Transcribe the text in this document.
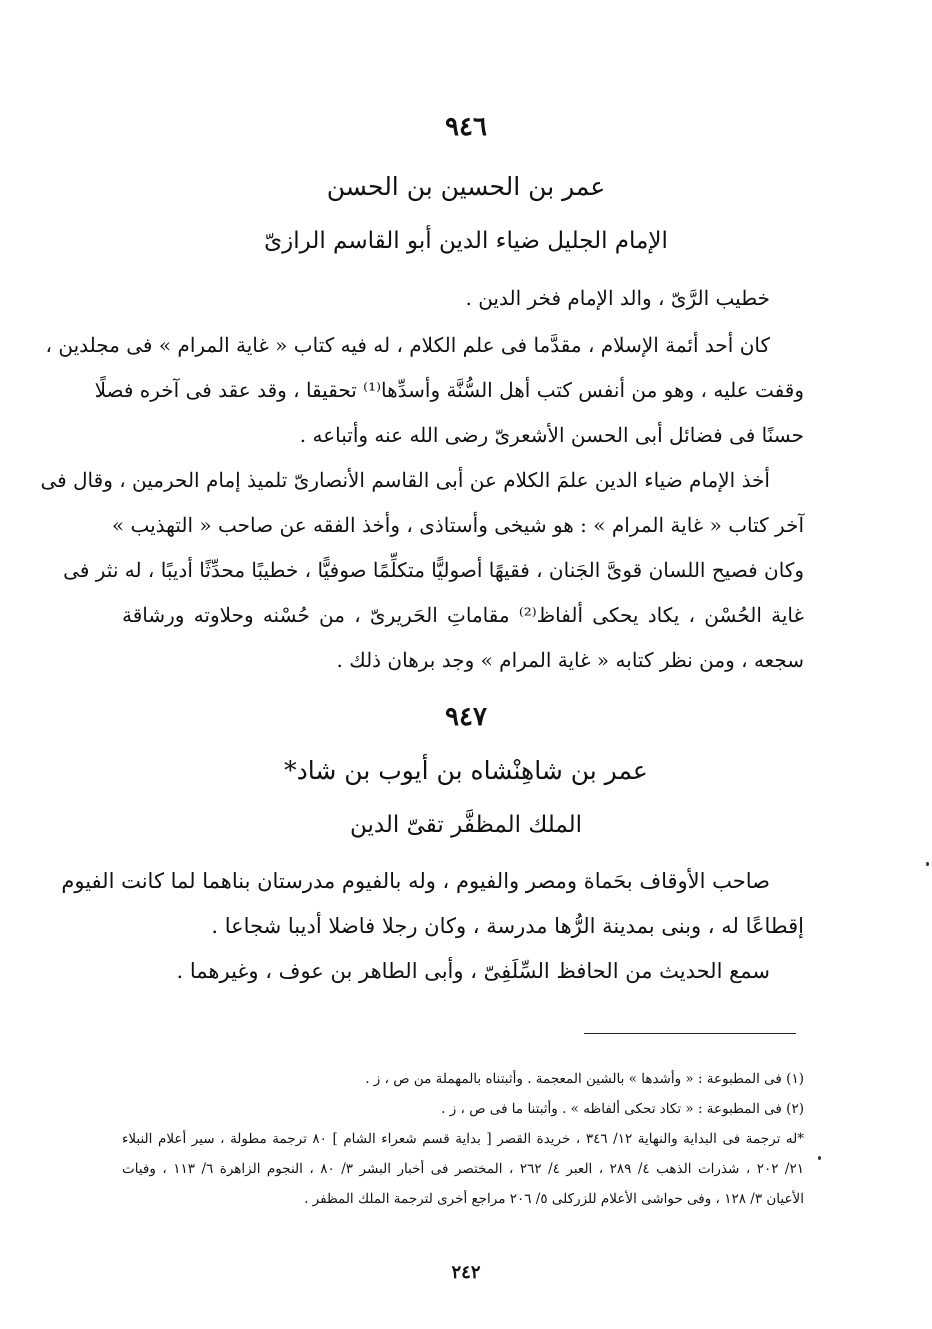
٩٤٦
عمر بن الحسين بن الحسن
الإمام الجليل ضياء الدين أبو القاسم الرازىّ
خطيب الرَّىّ ، والد الإمام فخر الدين .
كان أحد أئمة الإسلام ، مقدَّما فى علم الكلام ، له فيه كتاب « غاية المرام » فى مجلدين ،
وقفت عليه ، وهو من أنفس كتب أهل السُّنَّة وأسدِّها⁽¹⁾ تحقيقا ، وقد عقد فى آخره فصلًا
حسنًا فى فضائل أبى الحسن الأشعرىّ رضى الله عنه وأتباعه .
أخذ الإمام ضياء الدين علمَ الكلام عن أبى القاسم الأنصارىّ تلميذ إمام الحرمين ، وقال فى
آخر كتاب « غاية المرام » : هو شيخى وأستاذى ، وأخذ الفقه عن صاحب « التهذيب »
وكان فصيح اللسان قوىَّ الجَنان ، فقيهًا أصوليًّا متكلِّمًا صوفيًّا ، خطيبًا محدِّثًا أديبًا ، له نثر فى
غاية الحُسْن ، يكاد يحكى ألفاظ⁽²⁾ مقاماتِ الحَريرىّ ، من حُسْنه وحلاوته ورشاقة
سجعه ، ومن نظر كتابه « غاية المرام » وجد برهان ذلك .
٩٤٧
عمر بن شاهِنْشاه بن أيوب بن شاد*
الملك المظفَّر تقىّ الدين
صاحب الأوقاف بحَماة ومصر والفيوم ، وله بالفيوم مدرستان بناهما لما كانت الفيوم
إقطاعًا له ، وبنى بمدينة الرُّها مدرسة ، وكان رجلا فاضلا أديبا شجاعا .
سمع الحديث من الحافظ السِّلَفِىّ ، وأبى الطاهر بن عوف ، وغيرهما .
(١) فى المطبوعة : « وأشدها » بالشين المعجمة . وأثبتناه بالمهملة من ص ، ز .
(٢) فى المطبوعة : « تكاد تحكى ألفاظه » . وأثبتنا ما فى ص ، ز .
*له ترجمة فى البداية والنهاية ١٢/ ٣٤٦ ، خريدة القصر [ بداية قسم شعراء الشام ] ٨٠ ترجمة مطولة ، سير أعلام النبلاء
٢١/ ٢٠٢ ، شذرات الذهب ٤/ ٢٨٩ ، العبر ٤/ ٢٦٢ ، المختصر فى أخبار البشر ٣/ ٨٠ ، النجوم الزاهرة ٦/ ١١٣ ، وفيات
الأعيان ٣/ ١٢٨ ، وفى حواشى الأعلام للزركلى ٥/ ٢٠٦ مراجع أخرى لترجمة الملك المظفر .
٢٤٢
